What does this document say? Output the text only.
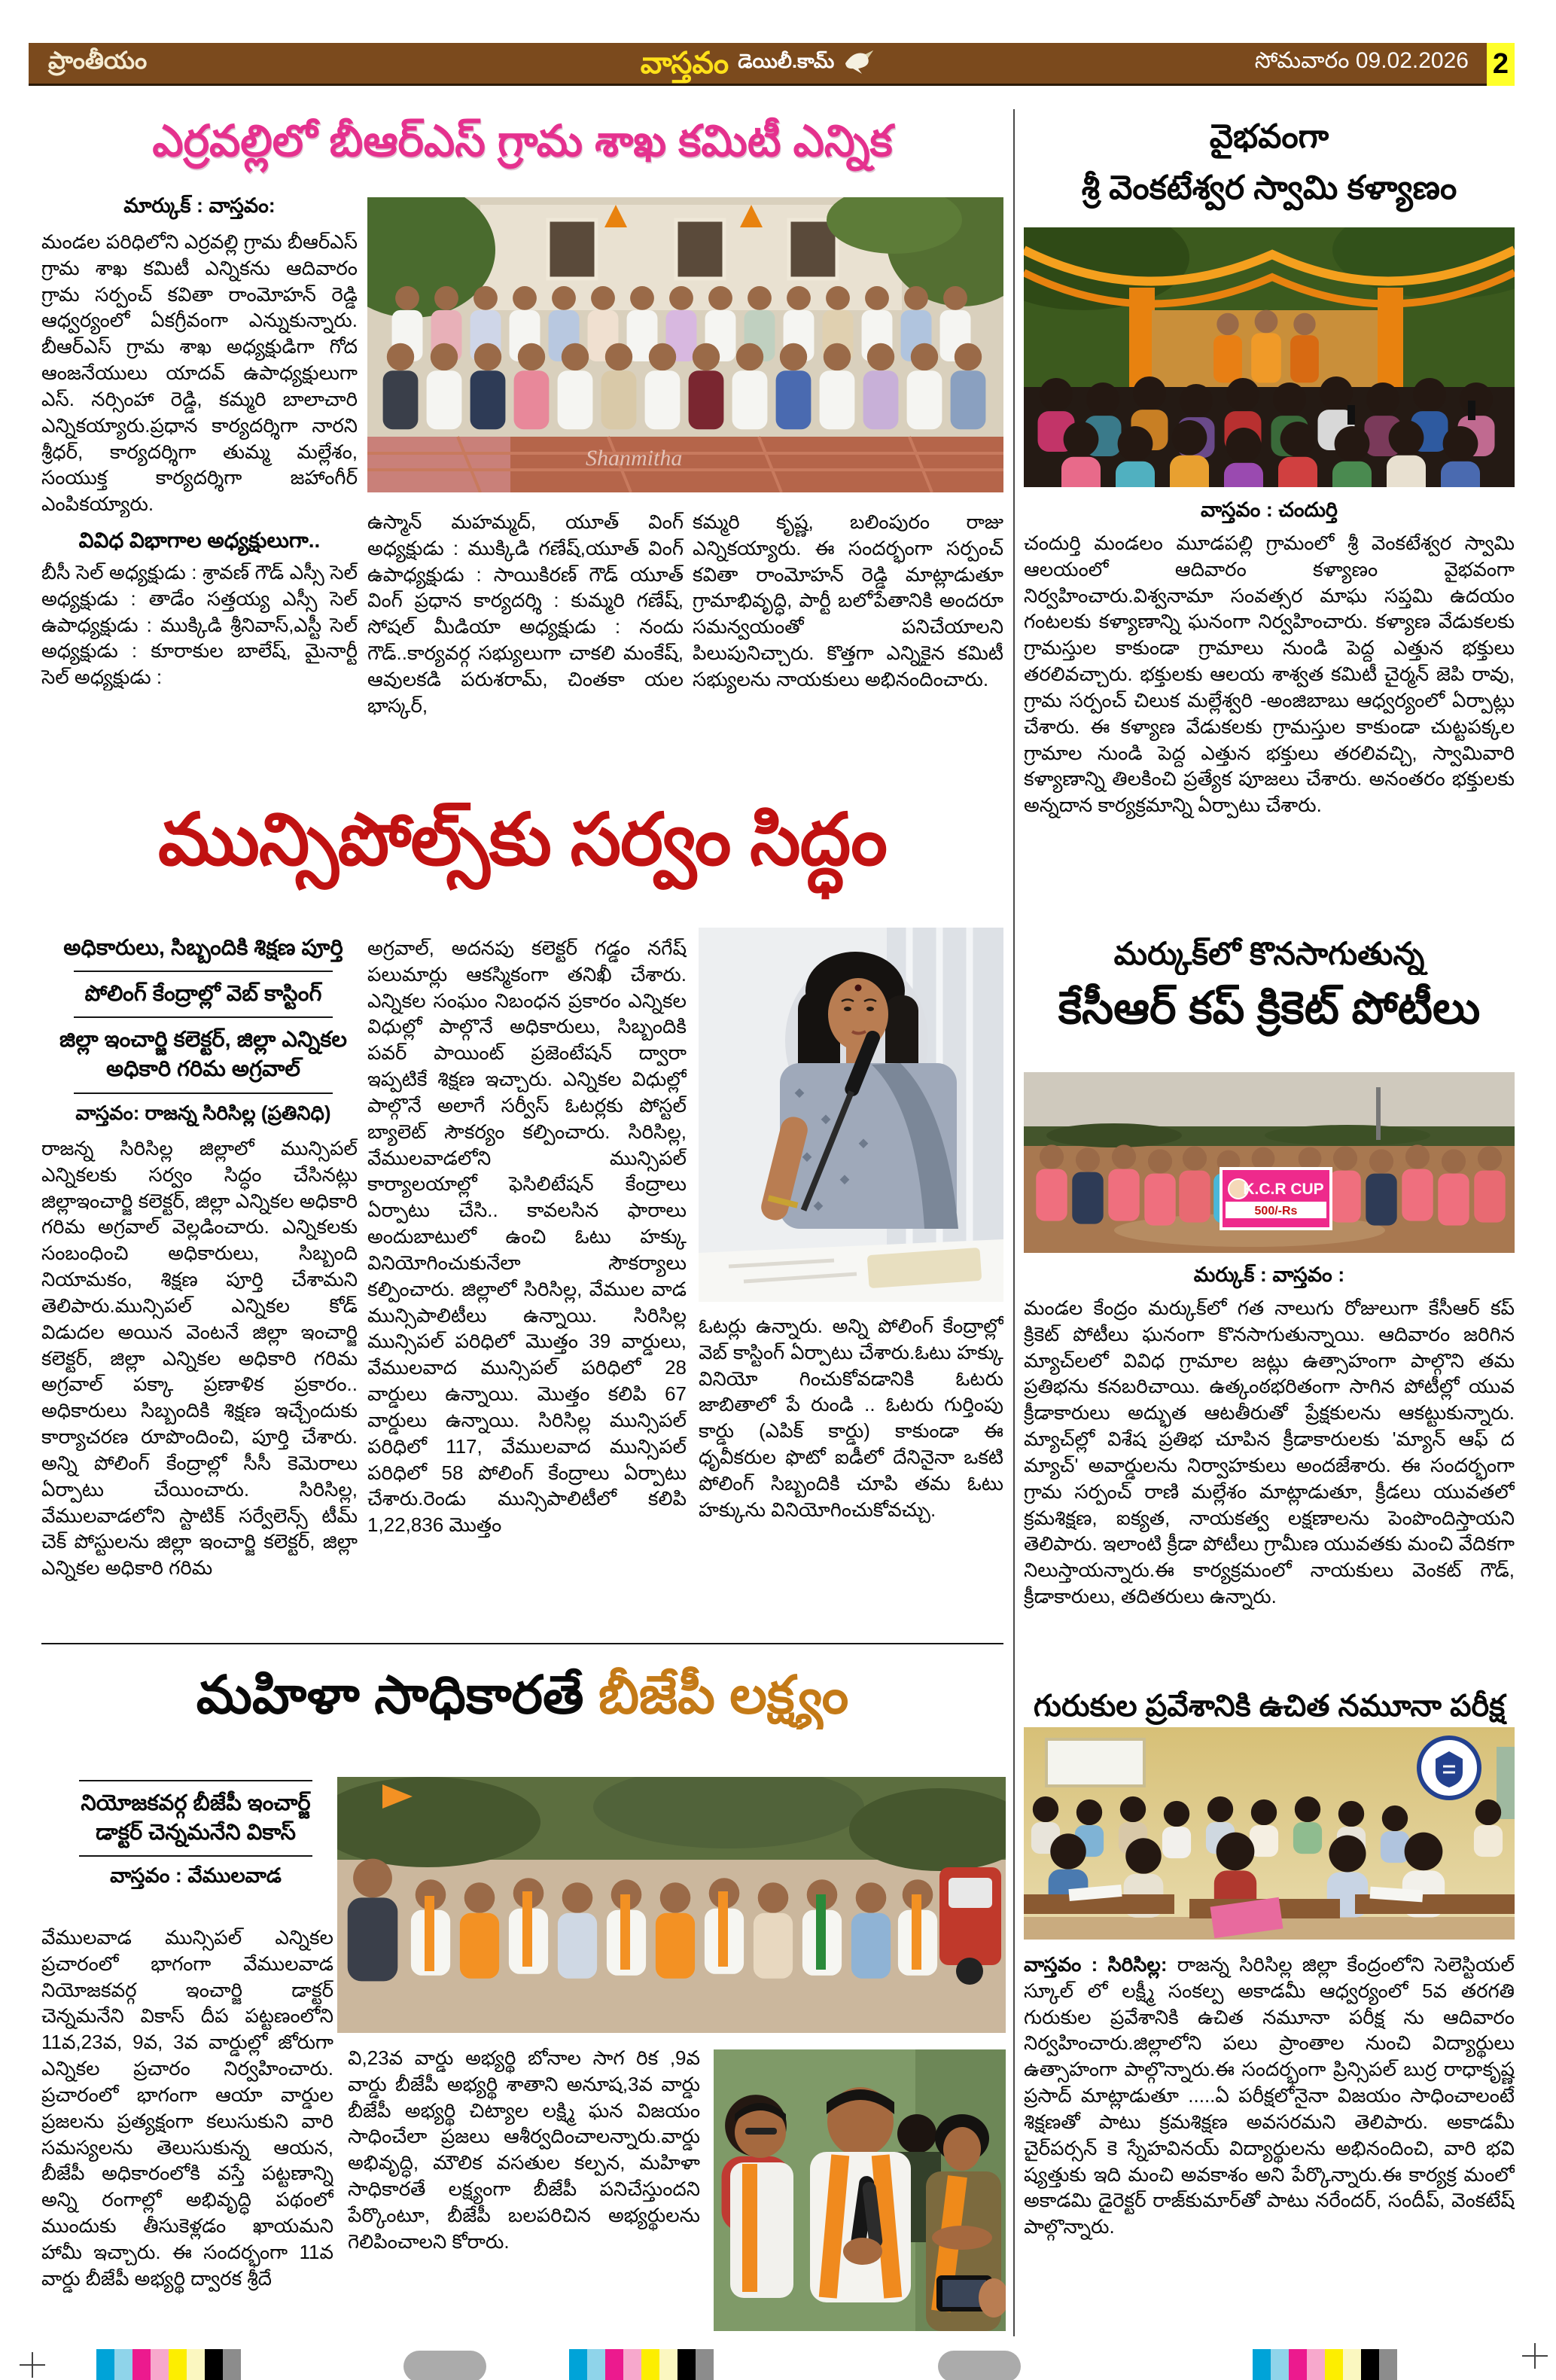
ప్రాంతీయం	వాస్తవం డెయిలీ.కామ్	సోమవారం 09.02.2026 2
ఎర్రవల్లిలో బీఆర్ఎస్ గ్రామ శాఖ కమిటీ ఎన్నిక
మార్కుక్ : వాస్తవం:
మండల పరిధిలోని ఎర్రవల్లి గ్రామ బీఆర్ఎస్ గ్రామ శాఖ కమిటీ ఎన్నికను ఆదివారం గ్రామ సర్పంచ్ కవితా రాంమోహన్ రెడ్డి ఆధ్వర్యంలో ఏకగ్రీవంగా ఎన్నుకున్నారు. బీఆర్ఎస్ గ్రామ శాఖ అధ్యక్షుడిగా గోద ఆంజనేయులు యాదవ్ ఉపాధ్యక్షులుగా ఎస్. నర్సింహా రెడ్డి, కమ్మరి బాలాచారి ఎన్నికయ్యారు.ప్రధాన కార్యదర్శిగా నారని శ్రీధర్, కార్యదర్శిగా తుమ్మ మల్లేశం, సంయుక్త కార్యదర్శిగా జహాంగీర్ ఎంపికయ్యారు.
వివిధ విభాగాల అధ్యక్షులుగా..
బీసీ సెల్ అధ్యక్షుడు : శ్రావణ్ గౌడ్ ఎస్సీ సెల్ అధ్యక్షుడు : తాడేం సత్తయ్య ఎస్సీ సెల్ ఉపాధ్యక్షుడు : ముక్కిడి శ్రీనివాస్,ఎస్టీ సెల్ అధ్యక్షుడు : కూరాకుల బాలేష్, మైనార్టీ సెల్ అధ్యక్షుడు :
Shanmitha
ఉస్మాన్ మహమ్మద్, యూత్ వింగ్ అధ్యక్షుడు : ముక్కిడి గణేష్,యూత్ వింగ్ ఉపాధ్యక్షుడు : సాయికిరణ్ గౌడ్ యూత్ వింగ్ ప్రధాన కార్యదర్శి : కుమ్మరి గణేష్, సోషల్ మీడియా అధ్యక్షుడు : నందు గౌడ్..కార్యవర్గ సభ్యులుగా చాకలి మంకేష్, ఆవులకడి పరుశరామ్, చింతకా యల భాస్కర్,
కమ్మరి కృష్ణ, బలింపురం రాజు ఎన్నికయ్యారు. ఈ సందర్భంగా సర్పంచ్ కవితా రాంమోహన్ రెడ్డి మాట్లాడుతూ గ్రామాభివృద్ధి, పార్టీ బలోపేతానికి అందరూ సమన్వయంతో పనిచేయాలని పిలుపునిచ్చారు. కొత్తగా ఎన్నికైన కమిటీ సభ్యులను నాయకులు అభినందించారు.
వైభవంగా
శ్రీ వెంకటేశ్వర స్వామి కళ్యాణం
వాస్తవం : చందుర్తి
చందుర్తి మండలం మూడపల్లి గ్రామంలో శ్రీ వెంకటేశ్వర స్వామి ఆలయంలో ఆదివారం కళ్యాణం వైభవంగా నిర్వహించారు.విశ్వనామా సంవత్సర మాఘ సప్తమి ఉదయం గంటలకు కళ్యాణాన్ని ఘనంగా నిర్వహించారు. కళ్యాణ వేడుకలకు గ్రామస్తుల కాకుండా గ్రామాలు నుండి పెద్ద ఎత్తున భక్తులు తరలివచ్చారు. భక్తులకు ఆలయ శాశ్వత కమిటీ చైర్మన్ జెపి రావు, గ్రామ సర్పంచ్ చిలుక మల్లేశ్వరి -అంజిబాబు ఆధ్వర్యంలో ఏర్పాట్లు చేశారు. ఈ కళ్యాణ వేడుకలకు గ్రామస్తుల కాకుండా చుట్టపక్కల గ్రామాల నుండి పెద్ద ఎత్తున భక్తులు తరలివచ్చి, స్వామివారి కళ్యాణాన్ని తిలకించి ప్రత్యేక పూజలు చేశారు. అనంతరం భక్తులకు అన్నదాన కార్యక్రమాన్ని ఏర్పాటు చేశారు.
మున్సిపోల్స్‌కు సర్వం సిద్ధం
అధికారులు, సిబ్బందికి శిక్షణ పూర్తి
పోలింగ్ కేంద్రాల్లో వెబ్ కాస్టింగ్
జిల్లా ఇంచార్జి కలెక్టర్, జిల్లా ఎన్నికల అధికారి గరిమ అగ్రవాల్
వాస్తవం: రాజన్న సిరిసిల్ల (ప్రతినిధి)
రాజన్న సిరిసిల్ల జిల్లాలో మున్సిపల్ ఎన్నికలకు సర్వం సిద్ధం చేసినట్లు జిల్లాఇంచార్జి కలెక్టర్, జిల్లా ఎన్నికల అధికారి గరిమ అగ్రవాల్ వెల్లడించారు. ఎన్నికలకు సంబంధించి అధికారులు, సిబ్బంది నియామకం, శిక్షణ పూర్తి చేశామని తెలిపారు.మున్సిపల్ ఎన్నికల కోడ్ విడుదల అయిన వెంటనే జిల్లా ఇంచార్జి కలెక్టర్, జిల్లా ఎన్నికల అధికారి గరిమ అగ్రవాల్ పక్కా ప్రణాళిక ప్రకారం.. అధికారులు సిబ్బందికి శిక్షణ ఇచ్చేందుకు కార్యాచరణ రూపొందించి, పూర్తి చేశారు. అన్ని పోలింగ్ కేంద్రాల్లో సీసీ కెమెరాలు ఏర్పాటు చేయించారు. సిరిసిల్ల, వేములవాడలోని స్టాటిక్ సర్వేలెన్స్ టీమ్ చెక్ పోస్టులను జిల్లా ఇంచార్జి కలెక్టర్, జిల్లా ఎన్నికల అధికారి గరిమ
అగ్రవాల్, అదనపు కలెక్టర్ గడ్డం నగేష్ పలుమార్లు ఆకస్మికంగా తనిఖీ చేశారు. ఎన్నికల సంఘం నిబంధన ప్రకారం ఎన్నికల విధుల్లో పాల్గొనే అధికారులు, సిబ్బందికి పవర్ పాయింట్ ప్రజెంటేషన్ ద్వారా ఇప్పటికే శిక్షణ ఇచ్చారు. ఎన్నికల విధుల్లో పాల్గొనే అలాగే సర్వీస్ ఓటర్లకు పోస్టల్ బ్యాలెట్ సౌకర్యం కల్పించారు. సిరిసిల్ల, వేములవాడలోని మున్సిపల్ కార్యాలయాల్లో ఫెసిలిటేషన్ కేంద్రాలు ఏర్పాటు చేసి.. కావలసిన ఫారాలు అందుబాటులో ఉంచి ఓటు హక్కు వినియోగించుకునేలా సౌకర్యాలు కల్పించారు. జిల్లాలో సిరిసిల్ల, వేముల వాడ మున్సిపాలిటీలు ఉన్నాయి. సిరిసిల్ల మున్సిపల్ పరిధిలో మొత్తం 39 వార్డులు, వేములవాద మున్సిపల్ పరిధిలో 28 వార్డులు ఉన్నాయి. మొత్తం కలిపి 67 వార్డులు ఉన్నాయి. సిరిసిల్ల మున్సిపల్ పరిధిలో 117, వేములవాద మున్సిపల్ పరిధిలో 58 పోలింగ్ కేంద్రాలు ఏర్పాటు చేశారు.రెండు మున్సిపాలిటీలో కలిపి 1,22,836 మొత్తం
ఓటర్లు ఉన్నారు. అన్ని పోలింగ్ కేంద్రాల్లో వెబ్ కాస్టింగ్ ఏర్పాటు చేశారు.ఓటు హక్కు వినియో గించుకోవడానికి ఓటరు జాబితాలో పే రుండి .. ఓటరు గుర్తింపు కార్డు (ఎపిక్ కార్డు) కాకుండా ఈ ధృవీకరుల ఫొటో ఐడీలో దేనినైనా ఒకటి పోలింగ్ సిబ్బందికి చూపి తమ ఓటు హక్కును వినియోగించుకోవచ్చు.
మర్కుక్‌లో కొనసాగుతున్న
కేసీఆర్ కప్ క్రికెట్ పోటీలు
K.C.R CUP
500/-Rs
మర్కుక్ : వాస్తవం :
మండల కేంద్రం మర్కుక్‌లో గత నాలుగు రోజులుగా కేసీఆర్ కప్ క్రికెట్ పోటీలు ఘనంగా కొనసాగుతున్నాయి. ఆదివారం జరిగిన మ్యాచ్‌లలో వివిధ గ్రామాల జట్లు ఉత్సాహంగా పాల్గొని తమ ప్రతిభను కనబరిచాయి. ఉత్కంఠభరితంగా సాగిన పోటీల్లో యువ క్రీడాకారులు అద్భుత ఆటతీరుతో ప్రేక్షకులను ఆకట్టుకున్నారు. మ్యాచ్‌ల్లో విశేష ప్రతిభ చూపిన క్రీడాకారులకు 'మ్యాన్ ఆఫ్ ద మ్యాచ్' అవార్డులను నిర్వాహకులు అందజేశారు. ఈ సందర్భంగా గ్రామ సర్పంచ్ రాణి మల్లేశం మాట్లాడుతూ, క్రీడలు యువతలో క్రమశిక్షణ, ఐక్యత, నాయకత్వ లక్షణాలను పెంపొందిస్తాయని తెలిపారు. ఇలాంటి క్రీడా పోటీలు గ్రామీణ యువతకు మంచి వేదికగా నిలుస్తాయన్నారు.ఈ కార్యక్రమంలో నాయకులు వెంకట్ గౌడ్, క్రీడాకారులు, తదితరులు ఉన్నారు.
మహిళా సాధికారతే బీజేపీ లక్ష్యం
నియోజకవర్గ బీజేపీ ఇంచార్జ్ డాక్టర్ చెన్నమనేని వికాస్
వాస్తవం : వేములవాడ
వేములవాడ మున్సిపల్ ఎన్నికల ప్రచారంలో భాగంగా వేములవాడ నియోజకవర్గ ఇంచార్జి డాక్టర్ చెన్నమనేని వికాస్ దీప పట్టణంలోని 11వ,23వ, 9వ, 3వ వార్డుల్లో జోరుగా ఎన్నికల ప్రచారం నిర్వహించారు. ప్రచారంలో భాగంగా ఆయా వార్డుల ప్రజలను ప్రత్యక్షంగా కలుసుకుని వారి సమస్యలను తెలుసుకున్న ఆయన, బీజేపీ అధికారంలోకి వస్తే పట్టణాన్ని అన్ని రంగాల్లో అభివృద్ధి పథంలో ముందుకు తీసుకెళ్లడం ఖాయమని హామీ ఇచ్చారు. ఈ సందర్భంగా 11వ వార్డు బీజేపీ అభ్యర్థి ద్వారక శ్రీదే
వి,23వ వార్డు అభ్యర్థి బోనాల సాగ రిక ,9వ వార్డు బీజేపీ అభ్యర్థి శాతాని అనూష,3వ వార్డు బీజేపీ అభ్యర్థి చిట్యాల లక్ష్మి ఘన విజయం సాధించేలా ప్రజలు ఆశీర్వదించాలన్నారు.వార్డు అభివృద్ధి, మౌలిక వసతుల కల్పన, మహిళా సాధికారతే లక్ష్యంగా బీజేపీ పనిచేస్తుందని పేర్కొంటూ, బీజేపీ బలపరిచిన అభ్యర్థులను గెలిపించాలని కోరారు.
గురుకుల ప్రవేశానికి ఉచిత నమూనా పరీక్ష
వాస్తవం : సిరిసిల్ల: రాజన్న సిరిసిల్ల జిల్లా కేంద్రంలోని సెలెస్టియల్ స్కూల్ లో లక్ష్మీ సంకల్ప అకాడమీ ఆధ్వర్యంలో 5వ తరగతి గురుకుల ప్రవేశానికి ఉచిత నమూనా పరీక్ష ను ఆదివారం నిర్వహించారు.జిల్లాలోని పలు ప్రాంతాల నుంచి విద్యార్థులు ఉత్సాహంగా పాల్గొన్నారు.ఈ సందర్భంగా ప్రిన్సిపల్ బుర్ర రాధాకృష్ణ ప్రసాద్ మాట్లాడుతూ .....ఏ పరీక్షలోనైనా విజయం సాధించాలంటే శిక్షణతో పాటు క్రమశిక్షణ అవసరమని తెలిపారు. అకాడమీ చైర్‌పర్సన్ కె స్నేహవినయ్ విద్యార్థులను అభినందించి, వారి భవి ష్యత్తుకు ఇది మంచి అవకాశం అని పేర్కొన్నారు.ఈ కార్యక్ర మంలో అకాడమి డైరెక్టర్ రాజ్‌కుమార్‌తో పాటు నరేందర్, సందీప్, వెంకటేష్ పాల్గొన్నారు.
